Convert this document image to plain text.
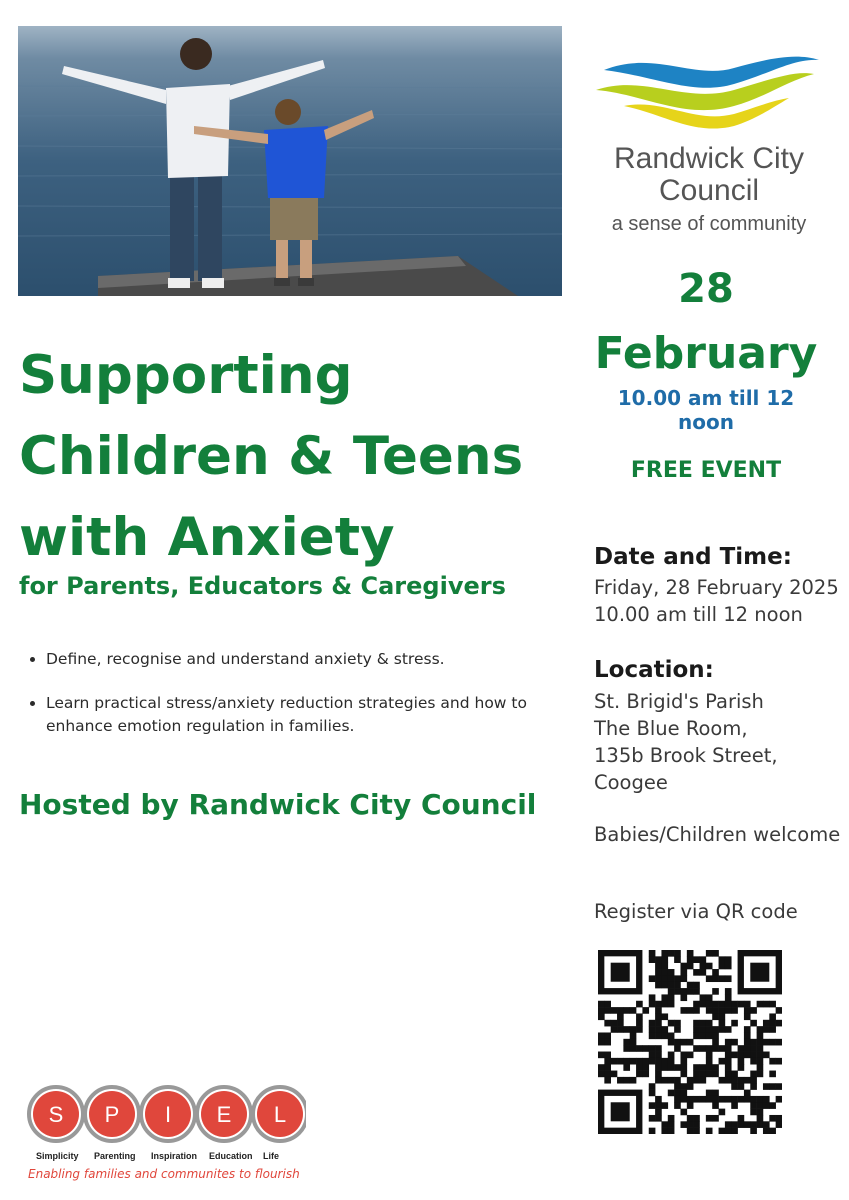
Supporting Children & Teens with Anxiety
for Parents, Educators & Caregivers
• Define, recognise and understand anxiety & stress.
• Learn practical stress/anxiety reduction strategies and how to enhance emotion regulation in families.
Hosted by Randwick City Council
Randwick City
Council
a sense of community
28
February
10.00 am till 12 noon
FREE EVENT
Date and Time:
Friday, 28 February 2025
10.00 am till 12 noon
Location:
St. Brigid's Parish
The Blue Room,
135b Brook Street,
Coogee
Babies/Children welcome
Register via QR code
S P I E L
Simplicity Parenting Inspiration Education Life
Enabling families and communites to flourish
